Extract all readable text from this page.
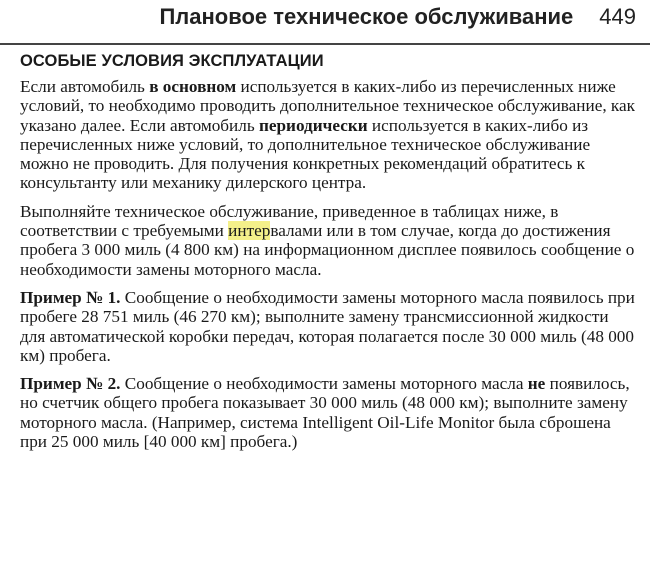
Плановое техническое обслуживание 449
ОСОБЫЕ УСЛОВИЯ ЭКСПЛУАТАЦИИ

Если автомобиль в основном используется в каких-либо из перечисленных ниже условий, то необходимо проводить дополнительное техническое обслуживание, как указано далее. Если автомобиль периодически используется в каких-либо из перечисленных ниже условий, то дополнительное техническое обслуживание можно не проводить. Для получения конкретных рекомендаций обратитесь к консультанту или механику дилерского центра.

Выполняйте техническое обслуживание, приведенное в таблицах ниже, в соответствии с требуемыми интервалами или в том случае, когда до достижения пробега 3 000 миль (4 800 км) на информационном дисплее появилось сообщение о необходимости замены моторного масла.

Пример № 1. Сообщение о необходимости замены моторного масла появилось при пробеге 28 751 миль (46 270 км); выполните замену трансмиссионной жидкости для автоматической коробки передач, которая полагается после 30 000 миль (48 000 км) пробега.

Пример № 2. Сообщение о необходимости замены моторного масла не появилось, но счетчик общего пробега показывает 30 000 миль (48 000 км); выполните замену моторного масла. (Например, система Intelligent Oil-Life Monitor была сброшена при 25 000 миль [40 000 км] пробега.)
